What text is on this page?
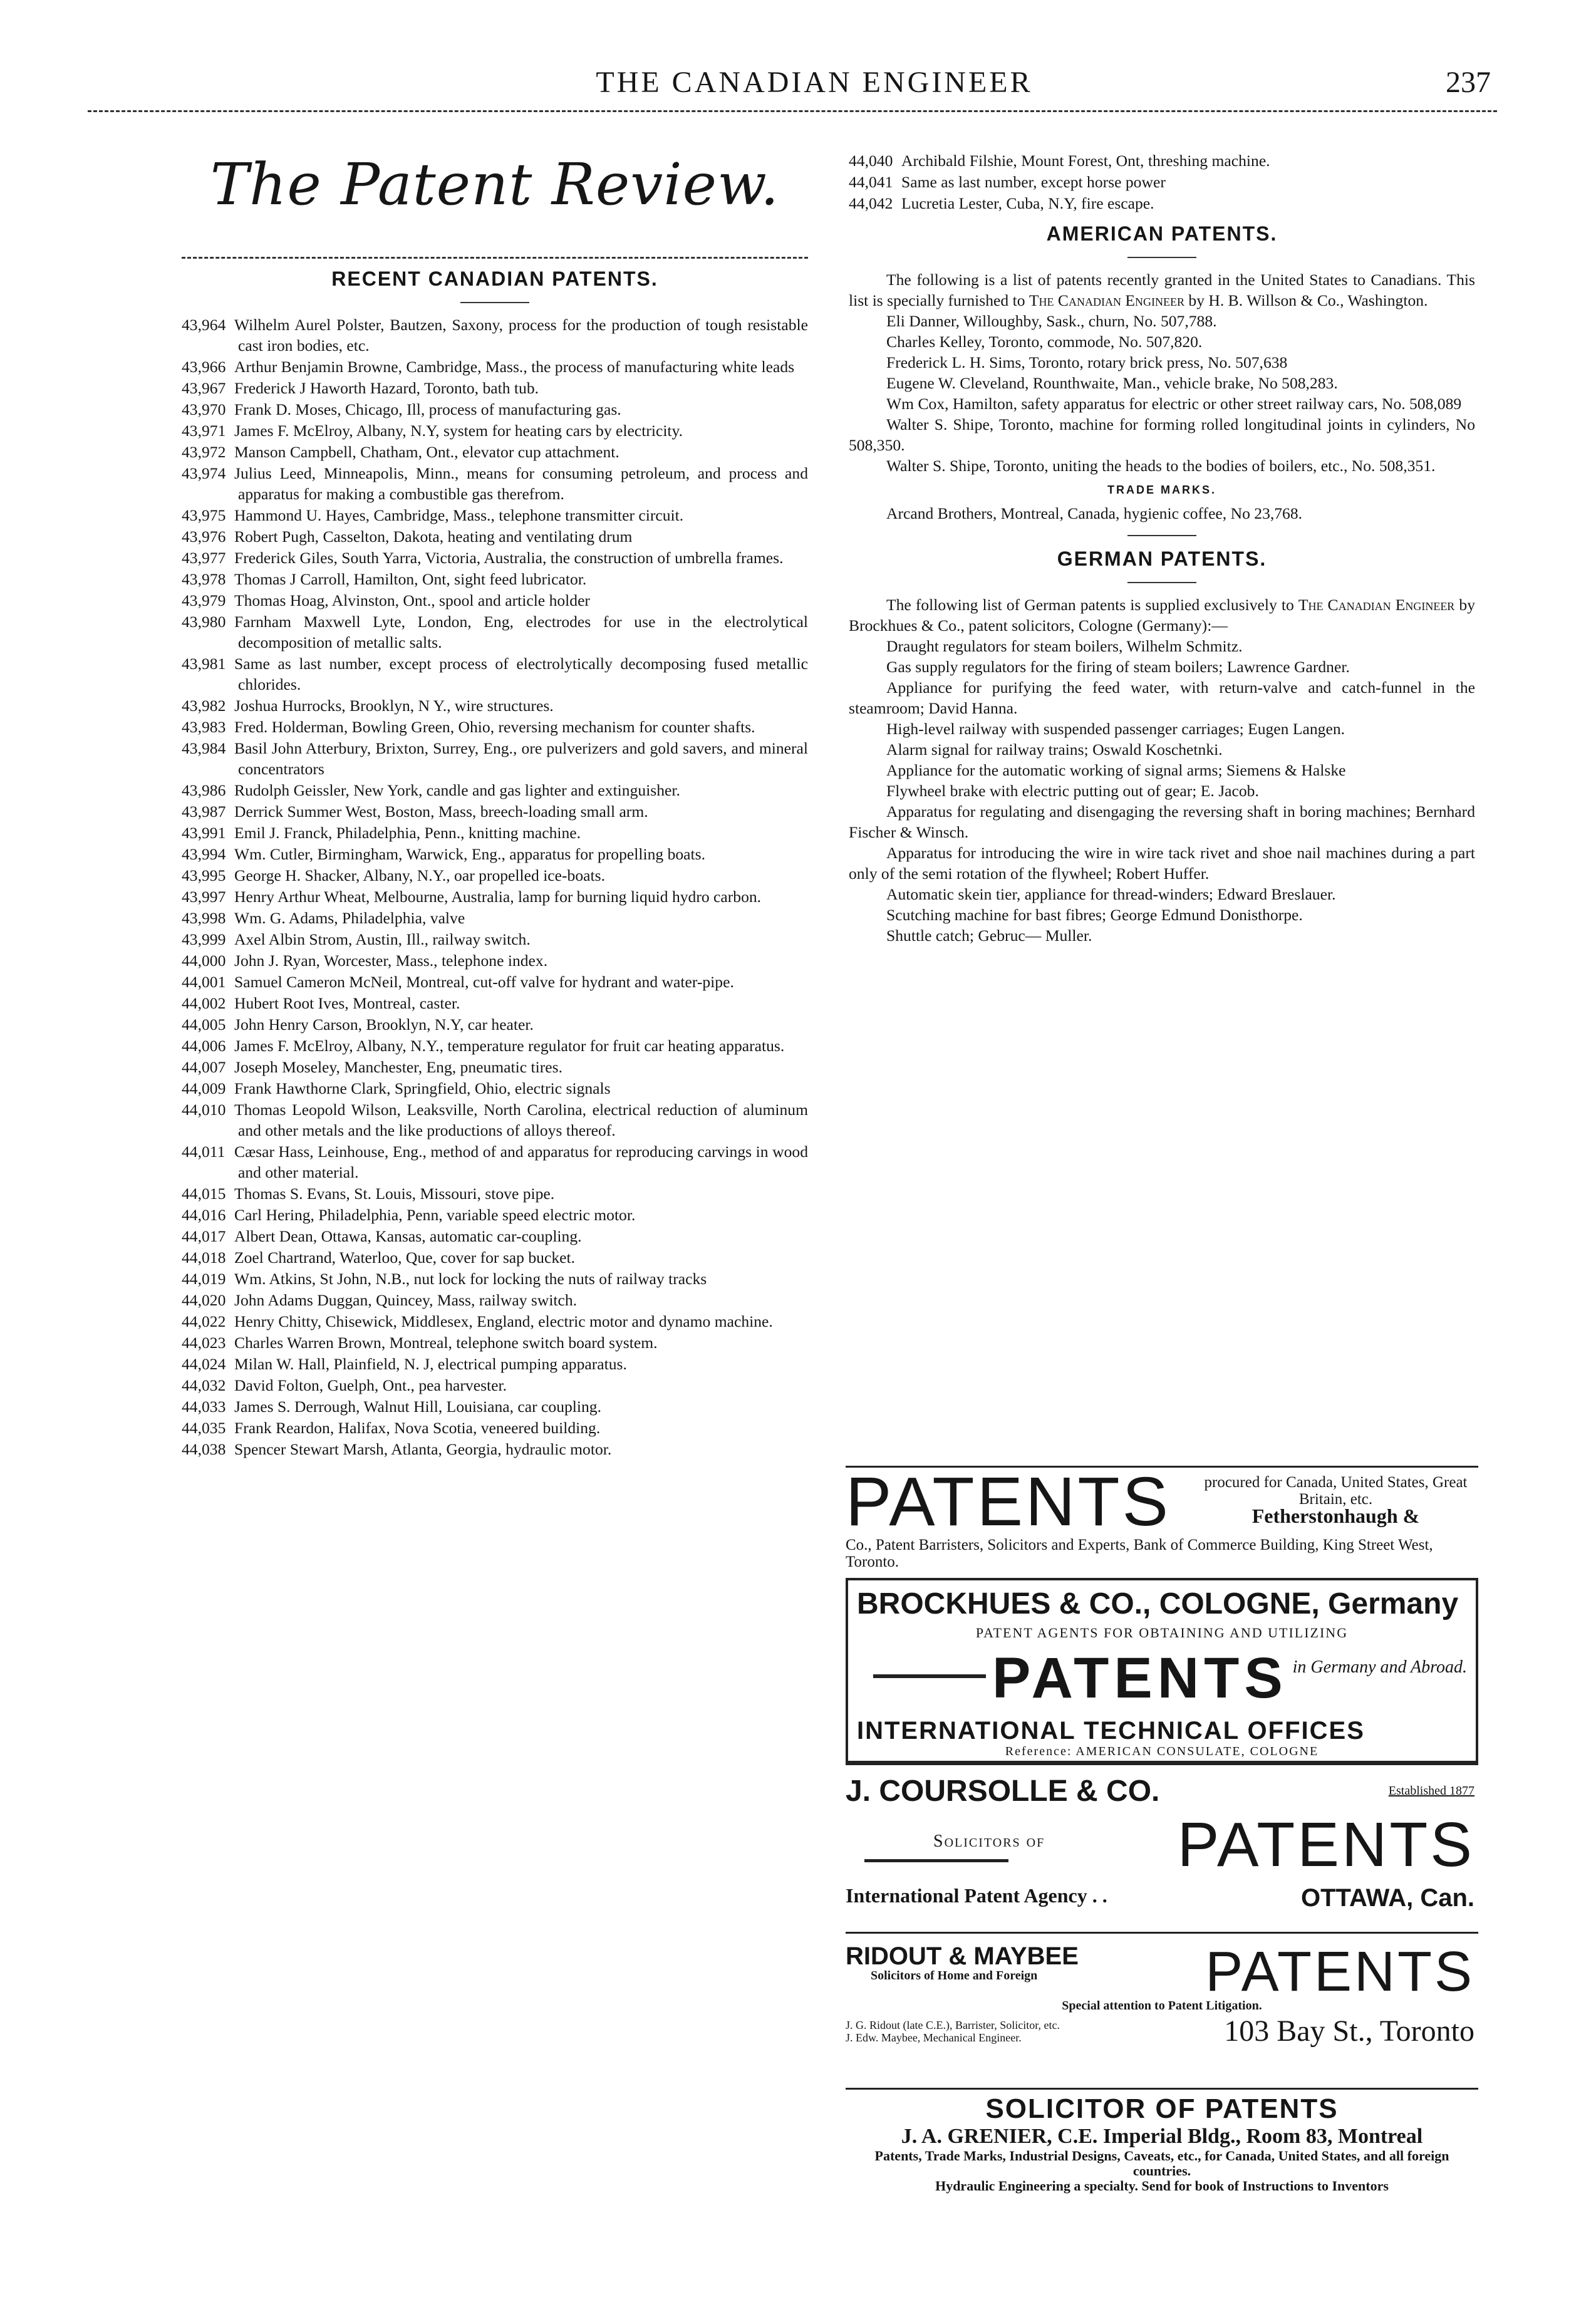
THE CANADIAN ENGINEER	237
The Patent Review.
RECENT CANADIAN PATENTS.
43,964 Wilhelm Aurel Polster, Bautzen, Saxony, process for the production of tough resistable cast iron bodies, etc.
43,966 Arthur Benjamin Browne, Cambridge, Mass., the process of manufacturing white leads
43,967 Frederick J Haworth Hazard, Toronto, bath tub.
43,970 Frank D. Moses, Chicago, Ill, process of manufacturing gas.
43,971 James F. McElroy, Albany, N.Y, system for heating cars by electricity.
43,972 Manson Campbell, Chatham, Ont., elevator cup attachment.
43,974 Julius Leed, Minneapolis, Minn., means for consuming petroleum, and process and apparatus for making a combustible gas therefrom.
43,975 Hammond U. Hayes, Cambridge, Mass., telephone transmitter circuit.
43,976 Robert Pugh, Casselton, Dakota, heating and ventilating drum
43,977 Frederick Giles, South Yarra, Victoria, Australia, the construction of umbrella frames.
43,978 Thomas J Carroll, Hamilton, Ont, sight feed lubricator.
43,979 Thomas Hoag, Alvinston, Ont., spool and article holder
43,980 Farnham Maxwell Lyte, London, Eng, electrodes for use in the electrolytical decomposition of metallic salts.
43,981 Same as last number, except process of electrolytically decomposing fused metallic chlorides.
43,982 Joshua Hurrocks, Brooklyn, N Y., wire structures.
43,983 Fred. Holderman, Bowling Green, Ohio, reversing mechanism for counter shafts.
43,984 Basil John Atterbury, Brixton, Surrey, Eng., ore pulverizers and gold savers, and mineral concentrators
43,986 Rudolph Geissler, New York, candle and gas lighter and extinguisher.
43,987 Derrick Summer West, Boston, Mass, breech-loading small arm.
43,991 Emil J. Franck, Philadelphia, Penn., knitting machine.
43,994 Wm. Cutler, Birmingham, Warwick, Eng., apparatus for propelling boats.
43,995 George H. Shacker, Albany, N.Y., oar propelled ice-boats.
43,997 Henry Arthur Wheat, Melbourne, Australia, lamp for burning liquid hydro carbon.
43,998 Wm. G. Adams, Philadelphia, valve
43,999 Axel Albin Strom, Austin, Ill., railway switch.
44,000 John J. Ryan, Worcester, Mass., telephone index.
44,001 Samuel Cameron McNeil, Montreal, cut-off valve for hydrant and water-pipe.
44,002 Hubert Root Ives, Montreal, caster.
44,005 John Henry Carson, Brooklyn, N.Y, car heater.
44,006 James F. McElroy, Albany, N.Y., temperature regulator for fruit car heating apparatus.
44,007 Joseph Moseley, Manchester, Eng, pneumatic tires.
44,009 Frank Hawthorne Clark, Springfield, Ohio, electric signals
44,010 Thomas Leopold Wilson, Leaksville, North Carolina, electrical reduction of aluminum and other metals and the like productions of alloys thereof.
44,011 Cæsar Hass, Leinhouse, Eng., method of and apparatus for reproducing carvings in wood and other material.
44,015 Thomas S. Evans, St. Louis, Missouri, stove pipe.
44,016 Carl Hering, Philadelphia, Penn, variable speed electric motor.
44,017 Albert Dean, Ottawa, Kansas, automatic car-coupling.
44,018 Zoel Chartrand, Waterloo, Que, cover for sap bucket.
44,019 Wm. Atkins, St John, N.B., nut lock for locking the nuts of railway tracks
44,020 John Adams Duggan, Quincey, Mass, railway switch.
44,022 Henry Chitty, Chisewick, Middlesex, England, electric motor and dynamo machine.
44,023 Charles Warren Brown, Montreal, telephone switch board system.
44,024 Milan W. Hall, Plainfield, N. J, electrical pumping apparatus.
44,032 David Folton, Guelph, Ont., pea harvester.
44,033 James S. Derrough, Walnut Hill, Louisiana, car coupling.
44,035 Frank Reardon, Halifax, Nova Scotia, veneered building.
44,038 Spencer Stewart Marsh, Atlanta, Georgia, hydraulic motor.
44,040 Archibald Filshie, Mount Forest, Ont, threshing machine.
44,041 Same as last number, except horse power
44,042 Lucretia Lester, Cuba, N.Y, fire escape.
AMERICAN PATENTS.

The following is a list of patents recently granted in the United States to Canadians. This list is specially furnished to The Canadian Engineer by H. B. Willson & Co., Washington.

Eli Danner, Willoughby, Sask., churn, No. 507,788.

Charles Kelley, Toronto, commode, No. 507,820.

Frederick L. H. Sims, Toronto, rotary brick press, No. 507,638

Eugene W. Cleveland, Rounthwaite, Man., vehicle brake, No 508,283.

Wm Cox, Hamilton, safety apparatus for electric or other street railway cars, No. 508,089

Walter S. Shipe, Toronto, machine for forming rolled longitudinal joints in cylinders, No 508,350.

Walter S. Shipe, Toronto, uniting the heads to the bodies of boilers, etc., No. 508,351.

TRADE MARKS.

Arcand Brothers, Montreal, Canada, hygienic coffee, No 23,768.

GERMAN PATENTS.

The following list of German patents is supplied exclusively to The Canadian Engineer by Brockhues & Co., patent solicitors, Cologne (Germany):—

Draught regulators for steam boilers, Wilhelm Schmitz.

Gas supply regulators for the firing of steam boilers; Lawrence Gardner.

Appliance for purifying the feed water, with return-valve and catch-funnel in the steamroom; David Hanna.

High-level railway with suspended passenger carriages; Eugen Langen.

Alarm signal for railway trains; Oswald Koschetnki.

Appliance for the automatic working of signal arms; Siemens & Halske

Flywheel brake with electric putting out of gear; E. Jacob.

Apparatus for regulating and disengaging the reversing shaft in boring machines; Bernhard Fischer & Winsch.

Apparatus for introducing the wire in wire tack rivet and shoe nail machines during a part only of the semi rotation of the flywheel; Robert Huffer.

Automatic skein tier, appliance for thread-winders; Edward Breslauer.

Scutching machine for bast fibres; George Edmund Donisthorpe.

Shuttle catch; Gebruc— Muller.

PATENTS	procured for Canada, United States, Great Britain, etc.
Fetherstonhaugh &
Co., Patent Barristers, Solicitors and Experts, Bank of Commerce Building, King Street West, Toronto.
BROCKHUES & CO., COLOGNE, Germany
PATENT AGENTS FOR OBTAINING AND UTILIZING
PATENTS in Germany and Abroad.
INTERNATIONAL TECHNICAL OFFICES
Reference: AMERICAN CONSULATE, COLOGNE
J. COURSOLLE & CO.	Established 1877
Solicitors of PATENTS
International Patent Agency . .	OTTAWA, Can.
RIDOUT & MAYBEE
Solicitors of Home and Foreign	PATENTS
Special attention to Patent Litigation.
J. G. Ridout (late C.E.), Barrister, Solicitor, etc.
J. Edw. Maybee, Mechanical Engineer.	103 Bay St., Toronto
SOLICITOR OF PATENTS
J. A. GRENIER, C.E. Imperial Bldg., Room 83, Montreal
Patents, Trade Marks, Industrial Designs, Caveats, etc., for Canada, United States, and all foreign countries.
Hydraulic Engineering a specialty. Send for book of Instructions to Inventors
